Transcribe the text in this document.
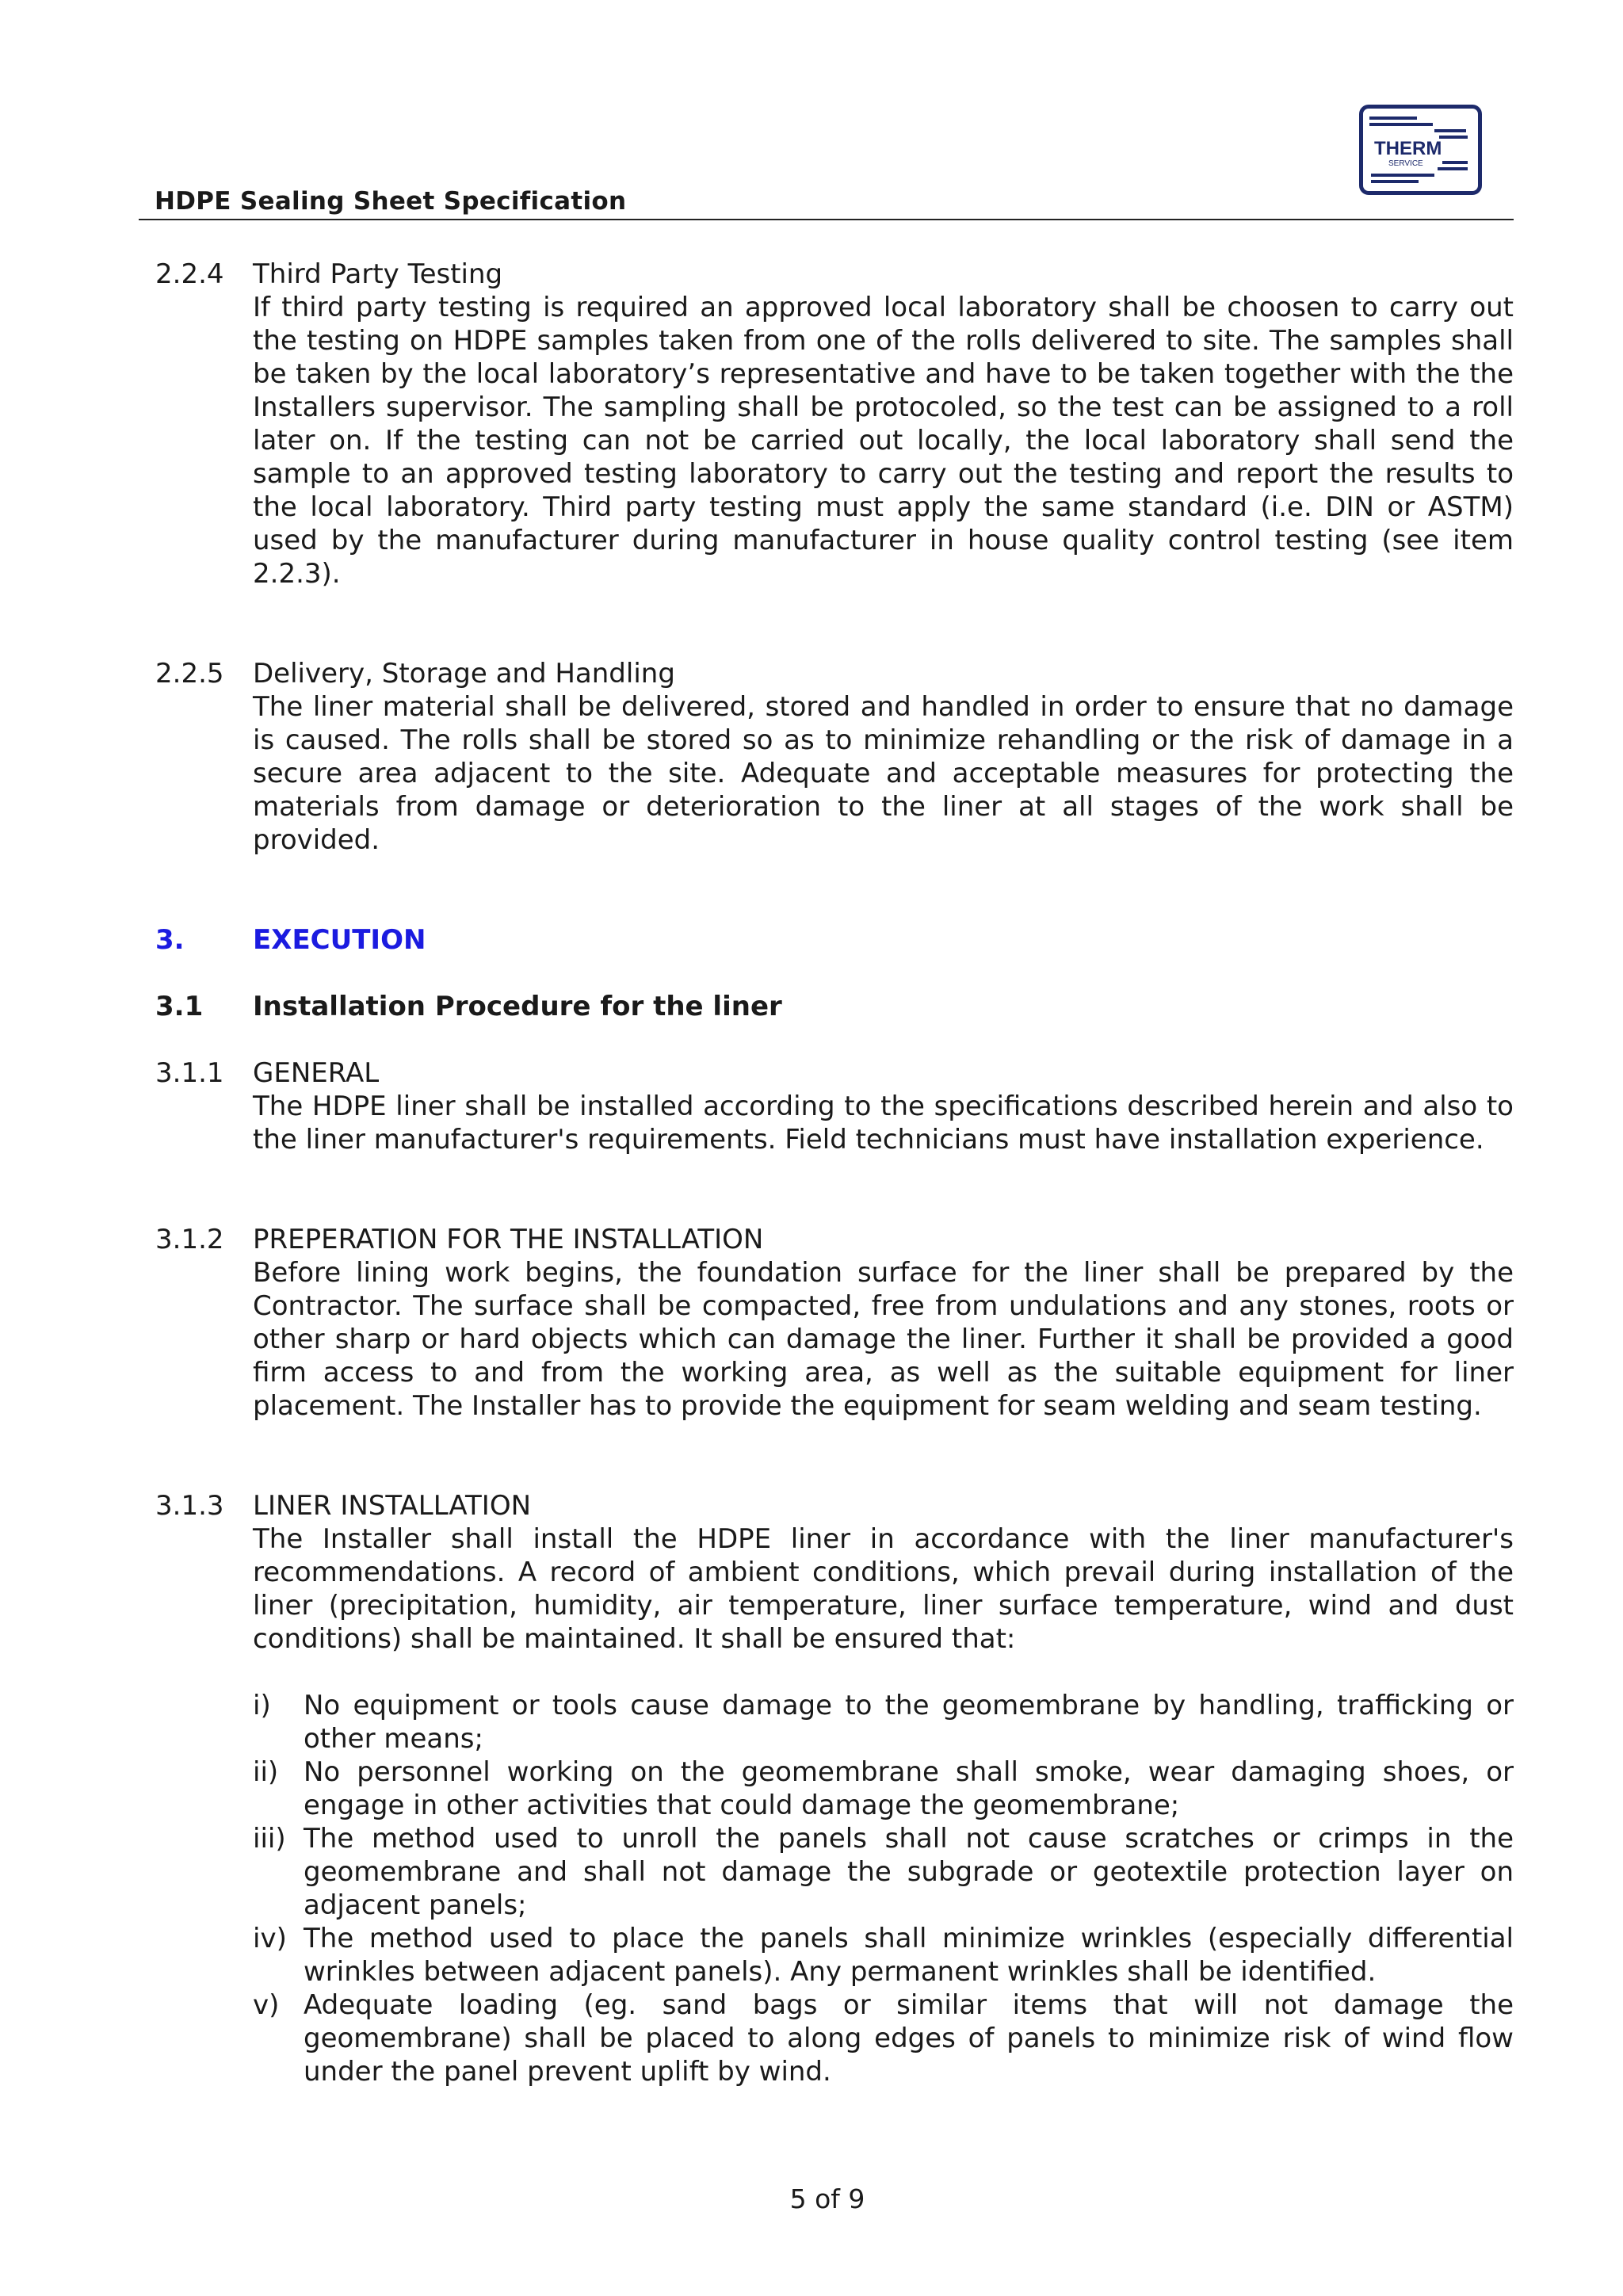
HDPE Sealing Sheet Specification
THERM
SERVICE
2.2.4 Third Party Testing
If third party testing is required an approved local laboratory shall be choosen to carry out the testing on HDPE samples taken from one of the rolls delivered to site. The samples shall be taken by the local laboratory’s representative and have to be taken together with the the Installers supervisor. The sampling shall be protocoled, so the test can be assigned to a roll later on. If the testing can not be carried out locally, the local laboratory shall send the sample to an approved testing laboratory to carry out the testing and report the results to the local laboratory. Third party testing must apply the same standard (i.e. DIN or ASTM) used by the manufacturer during manufacturer in house quality control testing (see item 2.2.3).
2.2.5 Delivery, Storage and Handling
The liner material shall be delivered, stored and handled in order to ensure that no damage is caused. The rolls shall be stored so as to minimize rehandling or the risk of damage in a secure area adjacent to the site. Adequate and acceptable measures for protecting the materials from damage or deterioration to the liner at all stages of the work shall be provided.
3.	EXECUTION
3.1 Installation Procedure for the liner
3.1.1 GENERAL
The HDPE liner shall be installed according to the specifications described herein and also to the liner manufacturer's requirements. Field technicians must have installation experience.
3.1.2 PREPERATION FOR THE INSTALLATION
Before lining work begins, the foundation surface for the liner shall be prepared by the Contractor. The surface shall be compacted, free from undulations and any stones, roots or other sharp or hard objects which can damage the liner. Further it shall be provided a good firm access to and from the working area, as well as the suitable equipment for liner placement. The Installer has to provide the equipment for seam welding and seam testing.
3.1.3 LINER INSTALLATION
The Installer shall install the HDPE liner in accordance with the liner manufacturer's recommendations. A record of ambient conditions, which prevail during installation of the liner (precipitation, humidity, air temperature, liner surface temperature, wind and dust conditions) shall be maintained. It shall be ensured that:
i) No equipment or tools cause damage to the geomembrane by handling, trafficking or other means;
ii) No personnel working on the geomembrane shall smoke, wear damaging shoes, or engage in other activities that could damage the geomembrane;
iii) The method used to unroll the panels shall not cause scratches or crimps in the geomembrane and shall not damage the subgrade or geotextile protection layer on adjacent panels;
iv) The method used to place the panels shall minimize wrinkles (especially differential wrinkles between adjacent panels). Any permanent wrinkles shall be identified.
v) Adequate loading (eg. sand bags or similar items that will not damage the geomembrane) shall be placed to along edges of panels to minimize risk of wind flow under the panel prevent uplift by wind.
5 of 9
